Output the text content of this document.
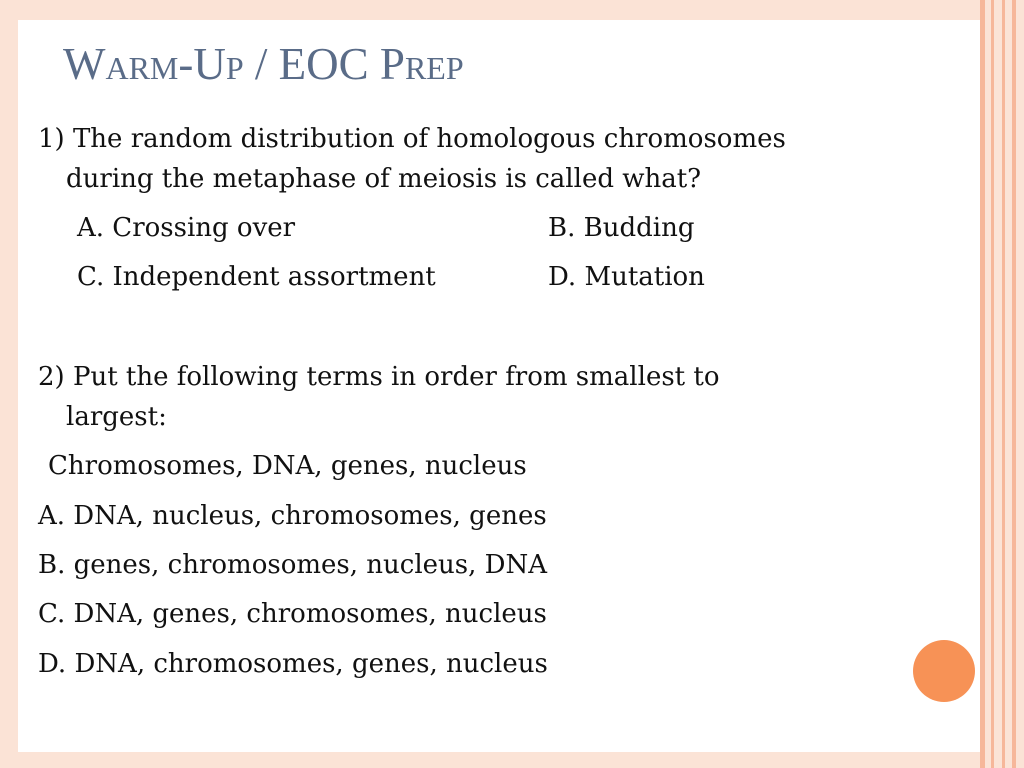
Warm-Up / EOC Prep
1) The random distribution of homologous chromosomes
during the metaphase of meiosis is called what?
A. Crossing over	B. Budding
C. Independent assortment	D. Mutation
2) Put the following terms in order from smallest to
largest:
Chromosomes, DNA, genes, nucleus
A. DNA, nucleus, chromosomes, genes
B. genes, chromosomes, nucleus, DNA
C. DNA, genes, chromosomes, nucleus
D. DNA, chromosomes, genes, nucleus
